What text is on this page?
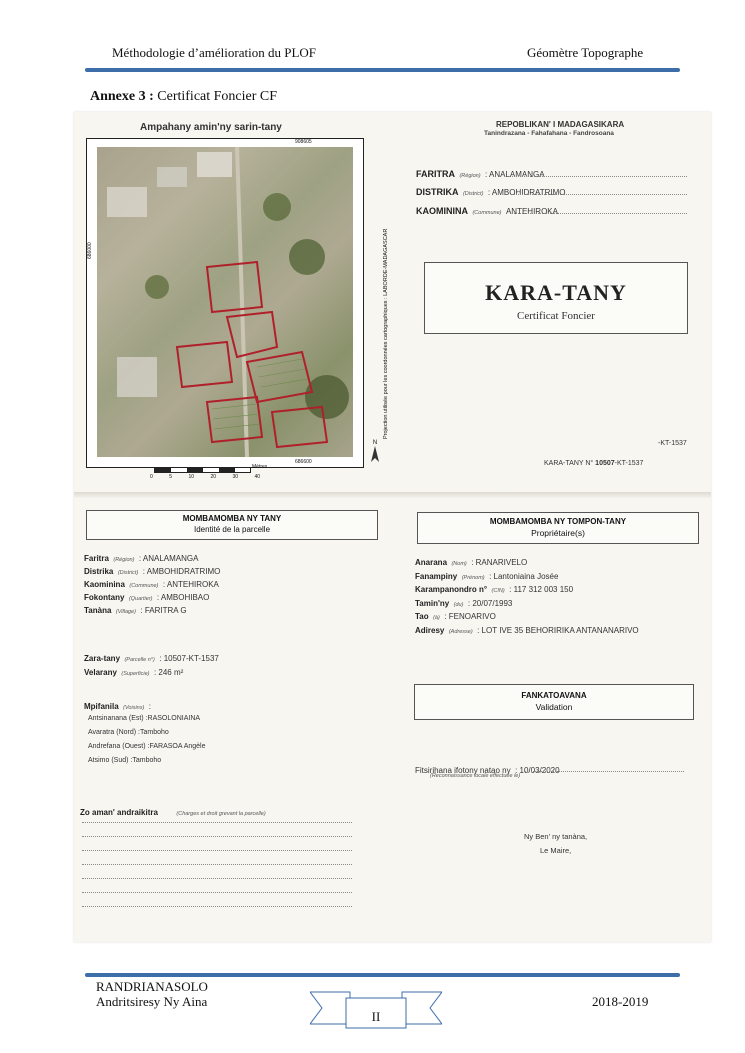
Méthodologie d’amélioration du PLOF	Géomètre Topographe
Annexe 3 : Certificat Foncier CF
Ampahany amin'ny sarin-tany
908605
686000
686600
Projection utilisée pour les coordonnées cartographiques : LABORDE-MADAGASCAR
Mètres
0	5	10	20	30	40
N
REPOBLIKAN' I MADAGASIKARA
Tanindrazana - Fahafahana - Fandrosoana
FARITRA (Région) : ANALAMANGA
DISTRIKA (District) : AMBOHIDRATRIMO
KAOMININA (Commune) ANTEHIROKA
KARA-TANY
Certificat Foncier
-KT-1537
KARA-TANY N° 10507-KT-1537
MOMBAMOMBA NY TANY
Identité de la parcelle
Faritra (Région) : ANALAMANGA
Distrika (District) : AMBOHIDRATRIMO
Kaominina (Commune) : ANTEHIROKA
Fokontany (Quartier) : AMBOHIBAO
Tanàna (Village) : FARITRA G
Zara-tany (Parcelle n°) : 10507-KT-1537
Velarany (Superficie) : 246 m²
Mpifanila (Voisins) :
Antsinanana (Est) :RASOLONIAINA
Avaratra (Nord) :Tamboho
Andrefana (Ouest) :FARASOA Angèle
Atsimo (Sud) :Tamboho
Zo aman' andraikitra	(Charges et droit grevant la parcelle)
MOMBAMOMBA NY TOMPON-TANY
Propriétaire(s)
Anarana (Nom) : RANARIVELO
Fanampiny (Prénom) : Lantoniaina Josée
Karampanondro n° (CIN) : 117 312 003 150
Tamin'ny (du) : 20/07/1993
Tao (à) : FENOARIVO
Adiresy (Adresse) : LOT IVE 35 BEHORIRIKA ANTANANARIVO
FANKATOAVANA
Validation
Fitsirihana ifotony natao ny : 10/03/2020
(Reconnaissance locale effectuée le)
Ny Ben' ny tanàna,
Le Maire,
RANDRIANASOLO
Andritsiresy Ny Aina	2018-2019
II
